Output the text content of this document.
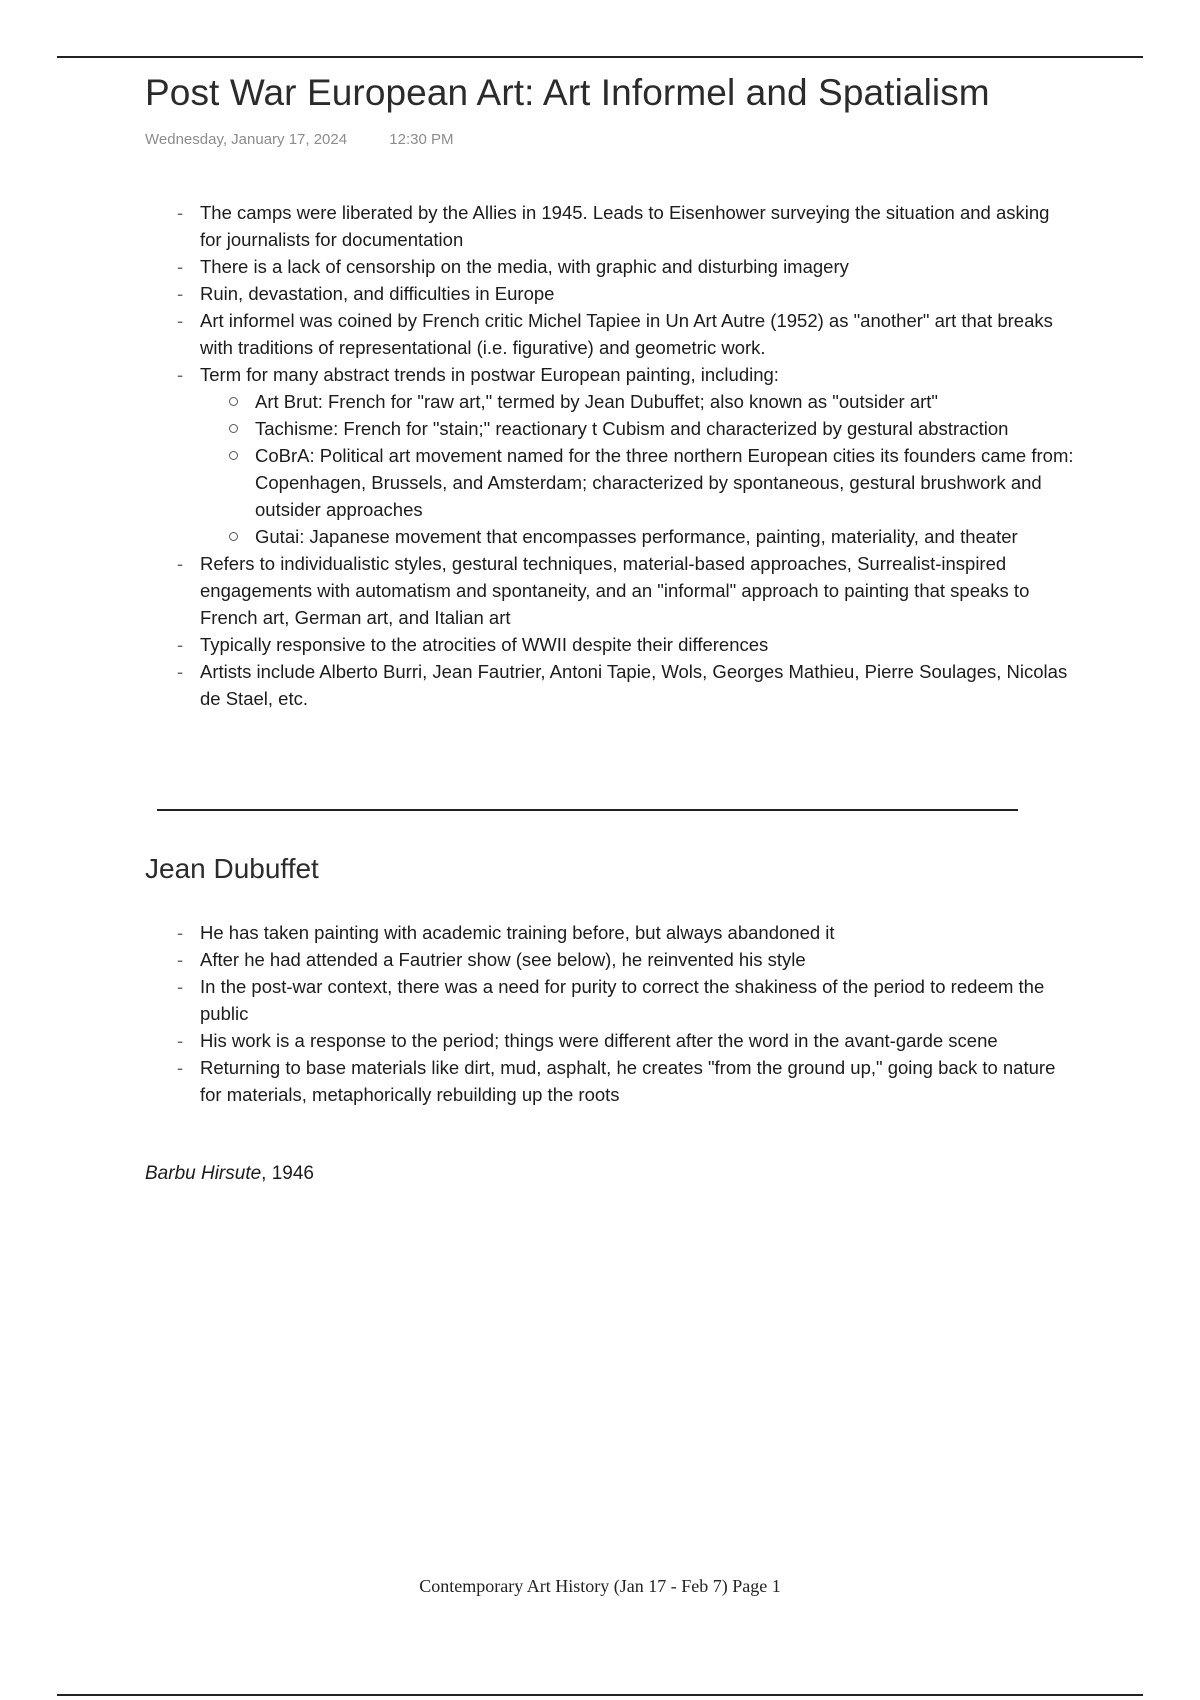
Post War European Art: Art Informel and Spatialism
Wednesday, January 17, 2024	12:30 PM
- The camps were liberated by the Allies in 1945. Leads to Eisenhower surveying the situation and asking for journalists for documentation
- There is a lack of censorship on the media, with graphic and disturbing imagery
- Ruin, devastation, and difficulties in Europe
- Art informel was coined by French critic Michel Tapiee in Un Art Autre (1952) as "another" art that breaks with traditions of representational (i.e. figurative) and geometric work.
- Term for many abstract trends in postwar European painting, including:
Art Brut: French for "raw art," termed by Jean Dubuffet; also known as "outsider art"
Tachisme: French for "stain;" reactionary t Cubism and characterized by gestural abstraction
CoBrA: Political art movement named for the three northern European cities its founders came from: Copenhagen, Brussels, and Amsterdam; characterized by spontaneous, gestural brushwork and outsider approaches
Gutai: Japanese movement that encompasses performance, painting, materiality, and theater
- Refers to individualistic styles, gestural techniques, material-based approaches, Surrealist-inspired engagements with automatism and spontaneity, and an "informal" approach to painting that speaks to French art, German art, and Italian art
- Typically responsive to the atrocities of WWII despite their differences
- Artists include Alberto Burri, Jean Fautrier, Antoni Tapie, Wols, Georges Mathieu, Pierre Soulages, Nicolas de Stael, etc.
Jean Dubuffet
- He has taken painting with academic training before, but always abandoned it
- After he had attended a Fautrier show (see below), he reinvented his style
- In the post-war context, there was a need for purity to correct the shakiness of the period to redeem the public
- His work is a response to the period; things were different after the word in the avant-garde scene
- Returning to base materials like dirt, mud, asphalt, he creates "from the ground up," going back to nature for materials, metaphorically rebuilding up the roots
Barbu Hirsute, 1946
Contemporary Art History (Jan 17 - Feb 7) Page 1
